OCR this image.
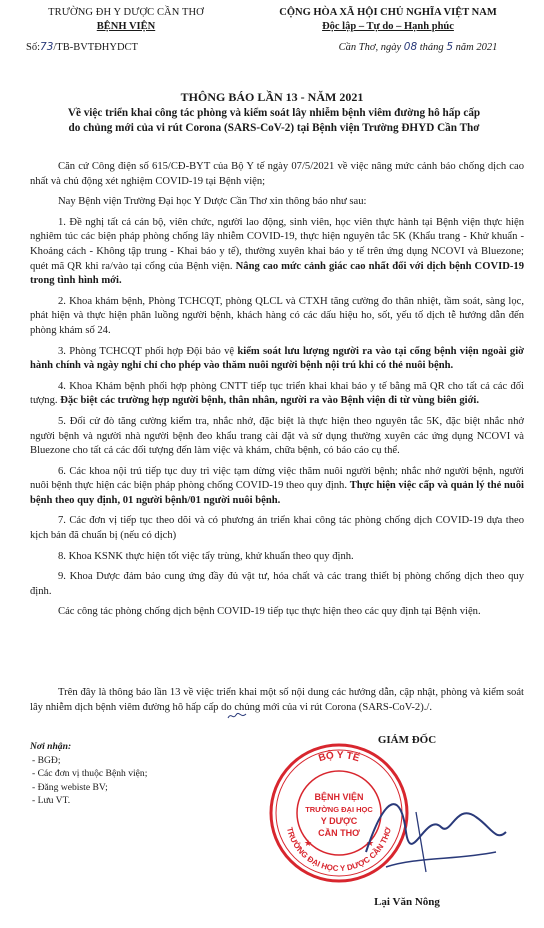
TRƯỜNG ĐH Y DƯỢC CẦN THƠ
BỆNH VIỆN
Số:73/TB-BVTĐHYDCT
CỘNG HÒA XÃ HỘI CHỦ NGHĨA VIỆT NAM
Độc lập – Tự do – Hạnh phúc
Cần Thơ, ngày 08 tháng 5 năm 2021
THÔNG BÁO LẦN 13 - NĂM 2021
Về việc triển khai công tác phòng và kiểm soát lây nhiễm bệnh viêm đường hô hấp cấp
do chủng mới của vi rút Corona (SARS-CoV-2) tại Bệnh viện Trường ĐHYD Cần Thơ

Căn cứ Công điện số 615/CĐ-BYT của Bộ Y tế ngày 07/5/2021 về việc nâng mức cảnh báo chống dịch cao nhất và chủ động xét nghiệm COVID-19 tại Bệnh viện;

Nay Bệnh viện Trường Đại học Y Dược Cần Thơ xin thông báo như sau:

1. Đề nghị tất cả cán bộ, viên chức, người lao động, sinh viên, học viên thực hành tại Bệnh viện thực hiện nghiêm túc các biện pháp phòng chống lây nhiễm COVID-19, thực hiện nguyên tắc 5K (Khẩu trang - Khử khuẩn - Khoảng cách - Không tập trung - Khai báo y tế), thường xuyên khai báo y tế trên ứng dụng NCOVI và Bluezone; quét mã QR khi ra/vào tại cổng của Bệnh viện. Nâng cao mức cảnh giác cao nhất đối với dịch bệnh COVID-19 trong tình hình mới.

2. Khoa khám bệnh, Phòng TCHCQT, phòng QLCL và CTXH tăng cường đo thân nhiệt, tầm soát, sàng lọc, phát hiện và thực hiện phân luồng người bệnh, khách hàng có các dấu hiệu ho, sốt, yếu tố dịch tễ hướng dẫn đến phòng khám số 24.

3. Phòng TCHCQT phối hợp Đội bảo vệ kiểm soát lưu lượng người ra vào tại cổng bệnh viện ngoài giờ hành chính và ngày nghỉ chỉ cho phép vào thăm nuôi người bệnh nội trú khi có thẻ nuôi bệnh.

4. Khoa Khám bệnh phối hợp phòng CNTT tiếp tục triển khai khai báo y tế bằng mã QR cho tất cả các đối tượng. Đặc biệt các trường hợp người bệnh, thân nhân, người ra vào Bệnh viện đi từ vùng biên giới.

5. Đối cử đò tăng cường kiểm tra, nhắc nhở, đặc biệt là thực hiện theo nguyên tắc 5K, đặc biệt nhắc nhở người bệnh và người nhà người bệnh đeo khẩu trang cài đặt và sử dụng thường xuyên các ứng dụng NCOVI và Bluezone cho tất cả các đối tượng đến làm việc và khám, chữa bệnh, có báo cáo cụ thể.

6. Các khoa nội trú tiếp tục duy trì việc tạm dừng việc thăm nuôi người bệnh; nhắc nhở người bệnh, người nuôi bệnh thực hiện các biện pháp phòng chống COVID-19 theo quy định. Thực hiện việc cấp và quản lý thẻ nuôi bệnh theo quy định, 01 người bệnh/01 người nuôi bệnh.

7. Các đơn vị tiếp tục theo dõi và có phương án triển khai công tác phòng chống dịch COVID-19 dựa theo kịch bản đã chuẩn bị (nếu có dịch)

8. Khoa KSNK thực hiện tốt việc tẩy trùng, khử khuẩn theo quy định.

9. Khoa Dược đảm bảo cung ứng đầy đủ vật tư, hóa chất và các trang thiết bị phòng chống dịch theo quy định.

Các công tác phòng chống dịch bệnh COVID-19 tiếp tục thực hiện theo các quy định tại Bệnh viện.

Trên đây là thông báo lần 13 về việc triển khai một số nội dung các hướng dẫn, cập nhật, phòng và kiểm soát lây nhiễm dịch bệnh viêm đường hô hấp cấp do chủng mới của vi rút Corona (SARS-CoV-2)./.
Nơi nhận:
- BGĐ;
- Các đơn vị thuộc Bệnh viện;
- Đăng webiste BV;
- Lưu VT.
GIÁM ĐỐC
BỘ Y TẾ
TRƯỜNG ĐẠI HỌC Y DƯỢC CẦN THƠ
BỆNH VIỆN
TRƯỜNG ĐẠI HỌC
Y DƯỢC
CẦN THƠ
★	★
Lại Văn Nông
